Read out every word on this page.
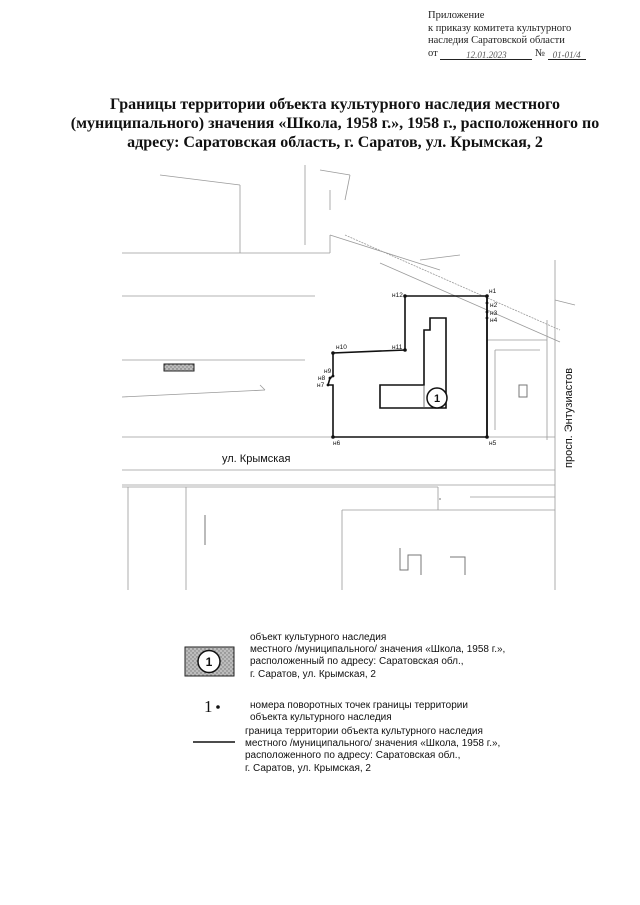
Приложение
к приказу комитета культурного
наследия Саратовской области
от	12.01.2023	№ 01-01/4
Границы территории объекта культурного наследия местного (муниципального) значения «Школа, 1958 г.», 1958 г., расположенного по адресу: Саратовская область, г. Саратов, ул. Крымская, 2
н1
н2
н3
н4
н5
н6
н7
н8
н9
н10	н11
н12
1
ул. Крымская	просп. Энтузиастов
1
1
объект культурного наследия
местного /муниципального/ значения «Школа, 1958 г.»,
расположенный по адресу: Саратовская обл.,
г. Саратов, ул. Крымская, 2
номера поворотных точек границы территории
объекта культурного наследия
граница территории объекта культурного наследия
местного /муниципального/ значения «Школа, 1958 г.»,
расположенного по адресу: Саратовская обл.,
г. Саратов, ул. Крымская, 2
